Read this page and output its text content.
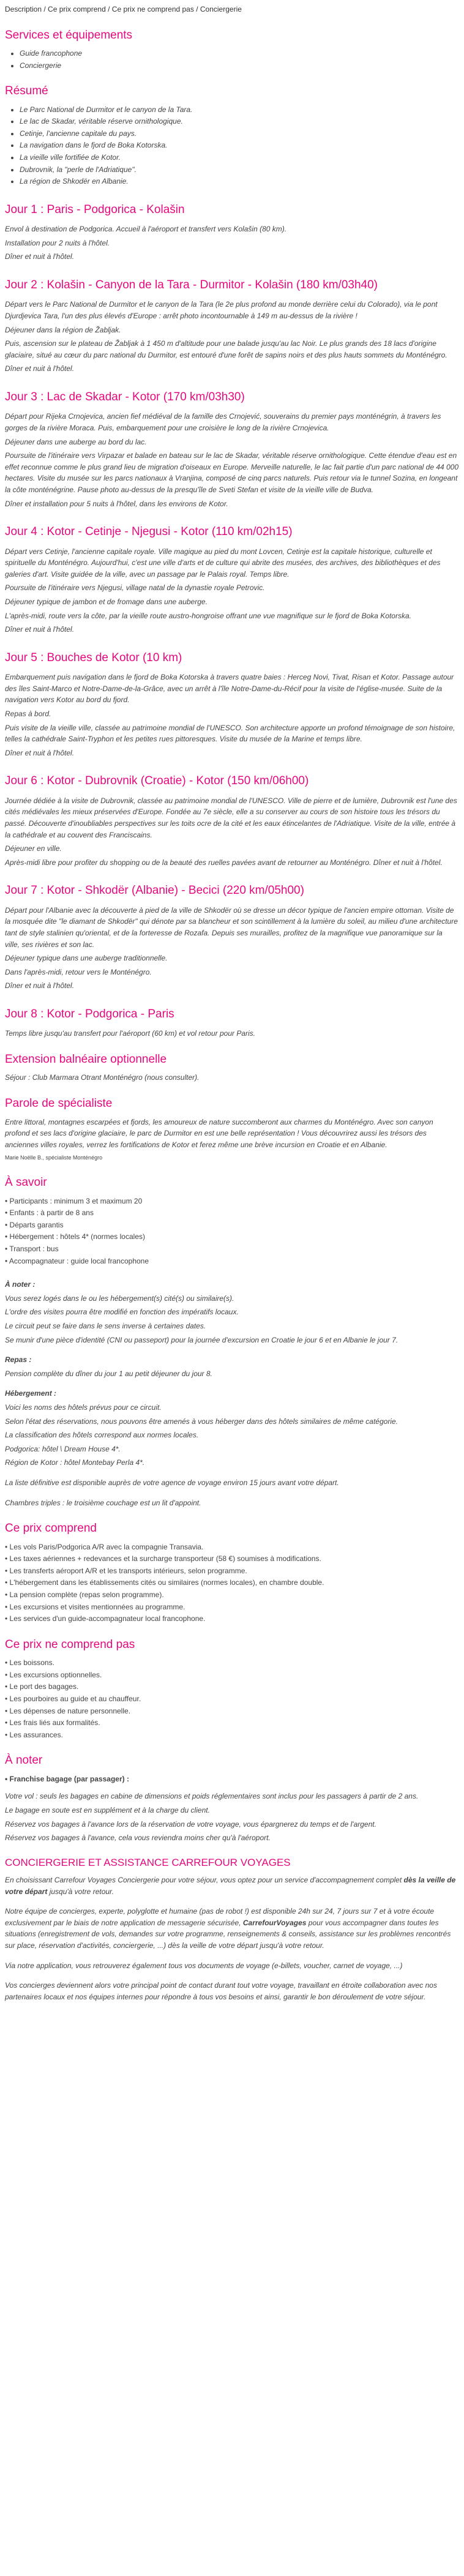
Description / Ce prix comprend / Ce prix ne comprend pas / Conciergerie
Services et équipements
• Guide francophone
• Conciergerie
Résumé
• Le Parc National de Durmitor et le canyon de la Tara.
• Le lac de Skadar, véritable réserve ornithologique.
• Cetinje, l'ancienne capitale du pays.
• La navigation dans le fjord de Boka Kotorska.
• La vieille ville fortifiée de Kotor.
• Dubrovnik, la "perle de l'Adriatique".
• La région de Shkodër en Albanie.
Jour 1 : Paris - Podgorica - Kolašin

Envol à destination de Podgorica. Accueil à l'aéroport et transfert vers Kolašin (80 km).

Installation pour 2 nuits à l'hôtel.

Dîner et nuit à l'hôtel.

Jour 2 : Kolašin - Canyon de la Tara - Durmitor - Kolašin (180 km/03h40)

Départ vers le Parc National de Durmitor et le canyon de la Tara (le 2e plus profond au monde derrière celui du Colorado), via le pont Djurdjevica Tara, l'un des plus élevés d'Europe : arrêt photo incontournable à 149 m au-dessus de la rivière !

Déjeuner dans la région de Žabljak.

Puis, ascension sur le plateau de Žabljak à 1 450 m d'altitude pour une balade jusqu'au lac Noir. Le plus grands des 18 lacs d'origine glaciaire, situé au cœur du parc national du Durmitor, est entouré d'une forêt de sapins noirs et des plus hauts sommets du Monténégro.

Dîner et nuit à l'hôtel.

Jour 3 : Lac de Skadar - Kotor (170 km/03h30)

Départ pour Rijeka Crnojevica, ancien fief médiéval de la famille des Crnojević, souverains du premier pays monténégrin, à travers les gorges de la rivière Moraca. Puis, embarquement pour une croisière le long de la rivière Crnojevica.

Déjeuner dans une auberge au bord du lac.

Poursuite de l'itinéraire vers Virpazar et balade en bateau sur le lac de Skadar, véritable réserve ornithologique. Cette étendue d'eau est en effet reconnue comme le plus grand lieu de migration d'oiseaux en Europe. Merveille naturelle, le lac fait partie d'un parc national de 44 000 hectares. Visite du musée sur les parcs nationaux à Vranjina, composé de cinq parcs naturels. Puis retour via le tunnel Sozina, en longeant la côte monténégrine. Pause photo au-dessus de la presqu'île de Sveti Stefan et visite de la vieille ville de Budva.

Dîner et installation pour 5 nuits à l'hôtel, dans les environs de Kotor.

Jour 4 : Kotor - Cetinje - Njegusi - Kotor (110 km/02h15)

Départ vers Cetinje, l'ancienne capitale royale. Ville magique au pied du mont Lovcen, Cetinje est la capitale historique, culturelle et spirituelle du Monténégro. Aujourd'hui, c'est une ville d'arts et de culture qui abrite des musées, des archives, des bibliothèques et des galeries d'art. Visite guidée de la ville, avec un passage par le Palais royal. Temps libre.

Poursuite de l'itinéraire vers Njegusi, village natal de la dynastie royale Petrovic.

Déjeuner typique de jambon et de fromage dans une auberge.

L'après-midi, route vers la côte, par la vieille route austro-hongroise offrant une vue magnifique sur le fjord de Boka Kotorska.

Dîner et nuit à l'hôtel.

Jour 5 : Bouches de Kotor (10 km)

Embarquement puis navigation dans le fjord de Boka Kotorska à travers quatre baies : Herceg Novi, Tivat, Risan et Kotor. Passage autour des îles Saint-Marco et Notre-Dame-de-la-Grâce, avec un arrêt à l'île Notre-Dame-du-Récif pour la visite de l'église-musée. Suite de la navigation vers Kotor au bord du fjord.

Repas à bord.

Puis visite de la vieille ville, classée au patrimoine mondial de l'UNESCO. Son architecture apporte un profond témoignage de son histoire, telles la cathédrale Saint-Tryphon et les petites rues pittoresques. Visite du musée de la Marine et temps libre.

Dîner et nuit à l'hôtel.

Jour 6 : Kotor - Dubrovnik (Croatie) - Kotor (150 km/06h00)

Journée dédiée à la visite de Dubrovnik, classée au patrimoine mondial de l'UNESCO. Ville de pierre et de lumière, Dubrovnik est l'une des cités médiévales les mieux préservées d'Europe. Fondée au 7e siècle, elle a su conserver au cours de son histoire tous les trésors du passé. Découverte d'inoubliables perspectives sur les toits ocre de la cité et les eaux étincelantes de l'Adriatique. Visite de la ville, entrée à la cathédrale et au couvent des Franciscains.

Déjeuner en ville.

Après-midi libre pour profiter du shopping ou de la beauté des ruelles pavées avant de retourner au Monténégro. Dîner et nuit à l'hôtel.

Jour 7 : Kotor - Shkodër (Albanie) - Becici (220 km/05h00)

Départ pour l'Albanie avec la découverte à pied de la ville de Shkodër où se dresse un décor typique de l'ancien empire ottoman. Visite de la mosquée dite "le diamant de Shkodër" qui dénote par sa blancheur et son scintillement à la lumière du soleil, au milieu d'une architecture tant de style stalinien qu'oriental, et de la forteresse de Rozafa. Depuis ses murailles, profitez de la magnifique vue panoramique sur la ville, ses rivières et son lac.

Déjeuner typique dans une auberge traditionnelle.

Dans l'après-midi, retour vers le Monténégro.

Dîner et nuit à l'hôtel.

Jour 8 : Kotor - Podgorica - Paris

Temps libre jusqu'au transfert pour l'aéroport (60 km) et vol retour pour Paris.

Extension balnéaire optionnelle

Séjour : Club Marmara Otrant Monténégro (nous consulter).

Parole de spécialiste

Entre littoral, montagnes escarpées et fjords, les amoureux de nature succomberont aux charmes du Monténégro. Avec son canyon profond et ses lacs d'origine glaciaire, le parc de Durmitor en est une belle représentation ! Vous découvrirez aussi les trésors des anciennes villes royales, verrez les fortifications de Kotor et ferez même une brève incursion en Croatie et en Albanie.

Marie Noëlle B., spécialiste Monténégro
À savoir
• Participants : minimum 3 et maximum 20
• Enfants : à partir de 8 ans
• Départs garantis
• Hébergement : hôtels 4* (normes locales)
• Transport : bus
• Accompagnateur : guide local francophone

À noter :

Vous serez logés dans le ou les hébergement(s) cité(s) ou similaire(s).

L'ordre des visites pourra être modifié en fonction des impératifs locaux.

Le circuit peut se faire dans le sens inverse à certaines dates.

Se munir d'une pièce d'identité (CNI ou passeport) pour la journée d'excursion en Croatie le jour 6 et en Albanie le jour 7.

Repas :

Pension complète du dîner du jour 1 au petit déjeuner du jour 8.

Hébergement :

Voici les noms des hôtels prévus pour ce circuit.

Selon l'état des réservations, nous pouvons être amenés à vous héberger dans des hôtels similaires de même catégorie.

La classification des hôtels correspond aux normes locales.

Podgorica: hôtel \ Dream House 4*.

Région de Kotor : hôtel Montebay Perla 4*.

La liste définitive est disponible auprès de votre agence de voyage environ 15 jours avant votre départ.

Chambres triples : le troisième couchage est un lit d'appoint.

Ce prix comprend
• Les vols Paris/Podgorica A/R avec la compagnie Transavia.
• Les taxes aériennes + redevances et la surcharge transporteur (58 €) soumises à modifications.
• Les transferts aéroport A/R et les transports intérieurs, selon programme.
• L'hébergement dans les établissements cités ou similaires (normes locales), en chambre double.
• La pension complète (repas selon programme).
• Les excursions et visites mentionnées au programme.
• Les services d'un guide-accompagnateur local francophone.
Ce prix ne comprend pas
• Les boissons.
• Les excursions optionnelles.
• Le port des bagages.
• Les pourboires au guide et au chauffeur.
• Les dépenses de nature personnelle.
• Les frais liés aux formalités.
• Les assurances.
À noter
• Franchise bagage (par passager) :

Votre vol : seuls les bagages en cabine de dimensions et poids réglementaires sont inclus pour les passagers à partir de 2 ans.

Le bagage en soute est en supplément et à la charge du client.

Réservez vos bagages à l'avance lors de la réservation de votre voyage, vous épargnerez du temps et de l'argent.

Réservez vos bagages à l'avance, cela vous reviendra moins cher qu'à l'aéroport.

CONCIERGERIE ET ASSISTANCE CARREFOUR VOYAGES

En choisissant Carrefour Voyages Conciergerie pour votre séjour, vous optez pour un service d'accompagnement complet dès la veille de votre départ jusqu'à votre retour.

Notre équipe de concierges, experte, polyglotte et humaine (pas de robot !) est disponible 24h sur 24, 7 jours sur 7 et à votre écoute exclusivement par le biais de notre application de messagerie sécurisée, CarrefourVoyages pour vous accompagner dans toutes les situations (enregistrement de vols, demandes sur votre programme, renseignements & conseils, assistance sur les problèmes rencontrés sur place, réservation d'activités, conciergerie, ...) dès la veille de votre départ jusqu'à votre retour.

Via notre application, vous retrouverez également tous vos documents de voyage (e-billets, voucher, carnet de voyage, ...)

Vos concierges deviennent alors votre principal point de contact durant tout votre voyage, travaillant en étroite collaboration avec nos partenaires locaux et nos équipes internes pour répondre à tous vos besoins et ainsi, garantir le bon déroulement de votre séjour.
